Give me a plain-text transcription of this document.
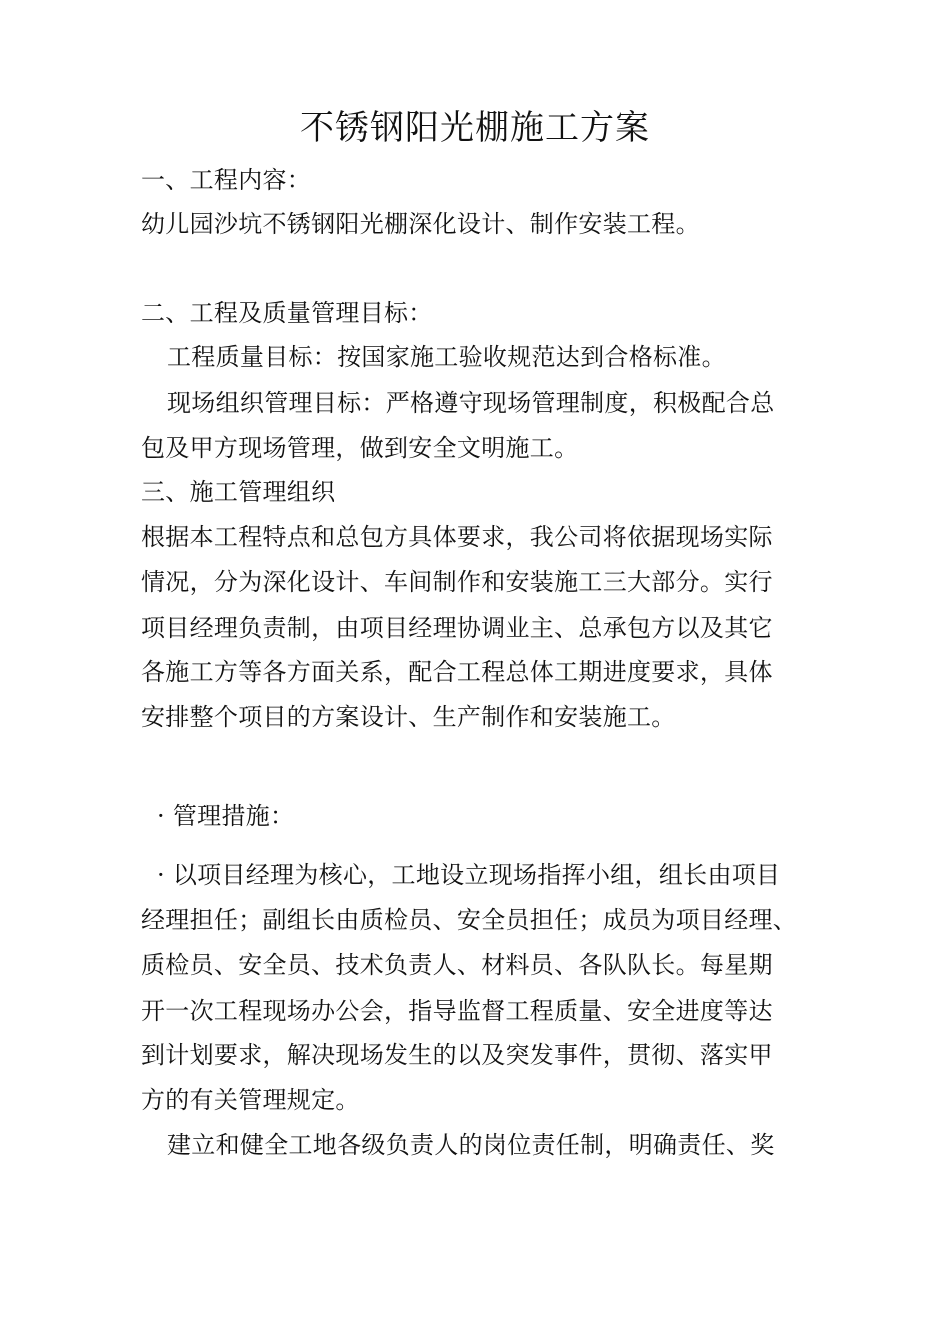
不锈钢阳光棚施工方案
一、工程内容：
幼儿园沙坑不锈钢阳光棚深化设计、制作安装工程。
二、工程及质量管理目标：
工程质量目标：按国家施工验收规范达到合格标准。
现场组织管理目标：严格遵守现场管理制度，积极配合总
包及甲方现场管理，做到安全文明施工。
三、施工管理组织
根据本工程特点和总包方具体要求，我公司将依据现场实际
情况，分为深化设计、车间制作和安装施工三大部分。实行
项目经理负责制，由项目经理协调业主、总承包方以及其它
各施工方等各方面关系，配合工程总体工期进度要求，具体
安排整个项目的方案设计、生产制作和安装施工。
· 管理措施：
· 以项目经理为核心，工地设立现场指挥小组，组长由项目
经理担任；副组长由质检员、安全员担任；成员为项目经理、
质检员、安全员、技术负责人、材料员、各队队长。每星期
开一次工程现场办公会，指导监督工程质量、安全进度等达
到计划要求，解决现场发生的以及突发事件，贯彻、落实甲
方的有关管理规定。
建立和健全工地各级负责人的岗位责任制，明确责任、奖
